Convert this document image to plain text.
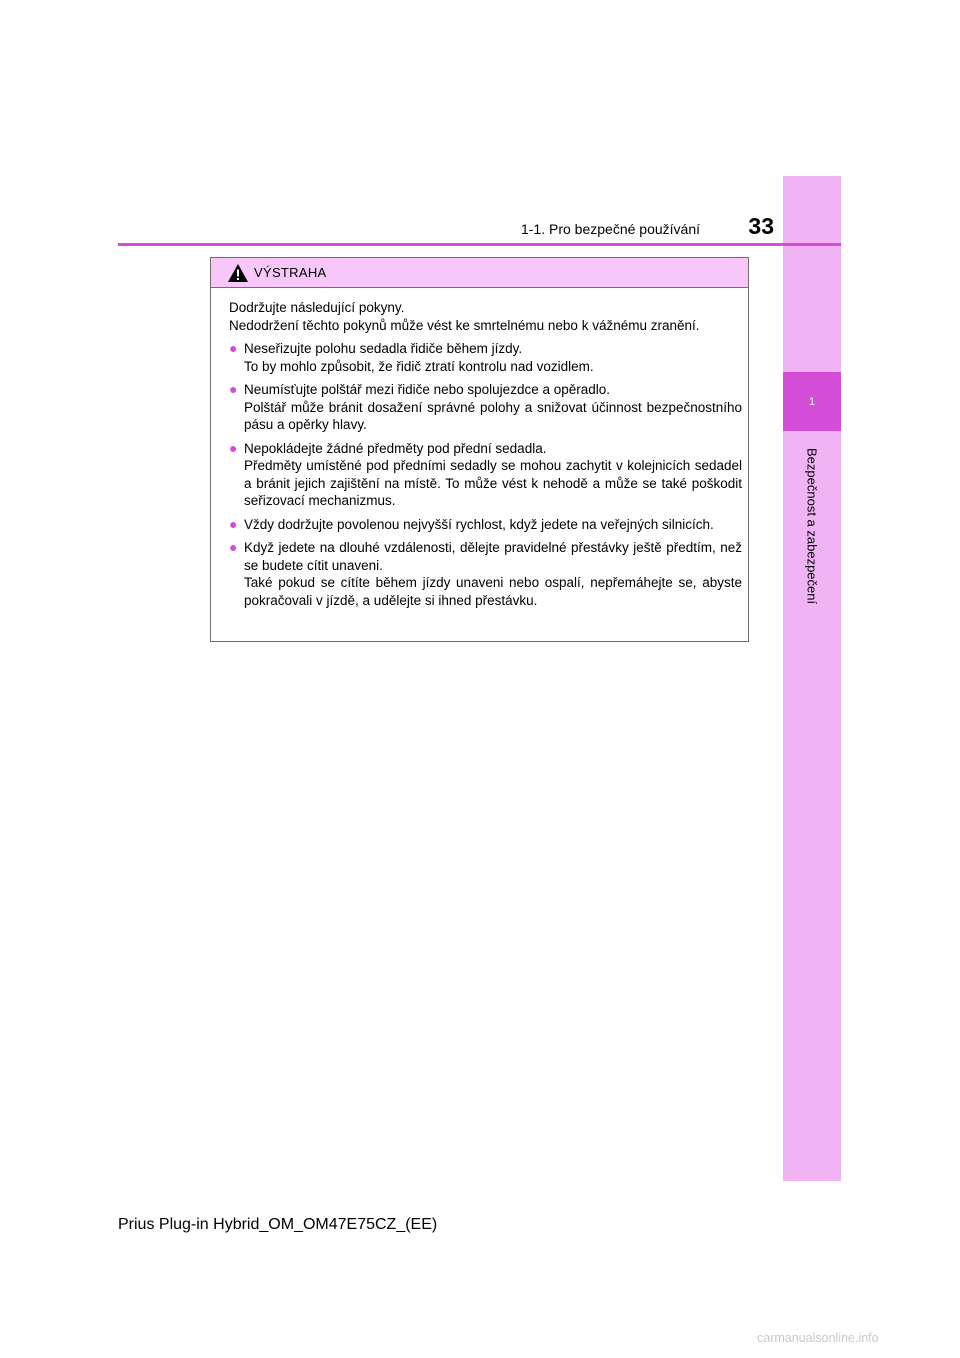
1
Bezpečnost a zabezpečení
1-1. Pro bezpečné používání	33
VÝSTRAHA

Dodržujte následující pokyny.

Nedodržení těchto pokynů může vést ke smrtelnému nebo k vážnému zranění.

● Neseřizujte polohu sedadla řidiče během jízdy.

To by mohlo způsobit, že řidič ztratí kontrolu nad vozidlem.

● Neumísťujte polštář mezi řidiče nebo spolujezdce a opěradlo.

Polštář může bránit dosažení správné polohy a snižovat účinnost bezpečnostního pásu a opěrky hlavy.

● Nepokládejte žádné předměty pod přední sedadla.

Předměty umístěné pod předními sedadly se mohou zachytit v kolejnicích sedadel a bránit jejich zajištění na místě. To může vést k nehodě a může se také poškodit seřizovací mechanizmus.

● Vždy dodržujte povolenou nejvyšší rychlost, když jedete na veřejných silnicích.

● Když jedete na dlouhé vzdálenosti, dělejte pravidelné přestávky ještě předtím, než se budete cítit unaveni.

Také pokud se cítíte během jízdy unaveni nebo ospalí, nepřemáhejte se, abyste pokračovali v jízdě, a udělejte si ihned přestávku.

Prius Plug-in Hybrid_OM_OM47E75CZ_(EE)
carmanualsonline.info
